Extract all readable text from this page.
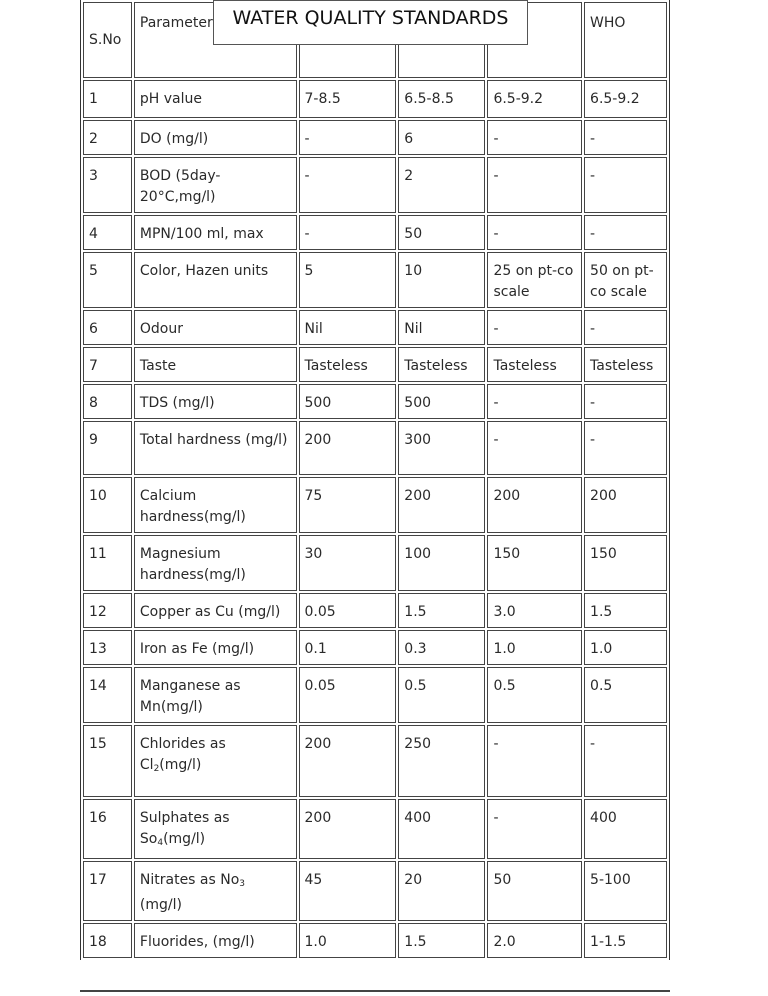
S.No	Parameter				WHO
1	pH value	7-8.5	6.5-8.5	6.5-9.2	6.5-9.2
2	DO (mg/l)	-	6	-	-
3	BOD (5day-20°C,mg/l)	-	2	-	-
4	MPN/100 ml, max	-	50	-	-
5	Color, Hazen units	5	10	25 on pt-co scale	50 on pt-co scale
6	Odour	Nil	Nil	-	-
7	Taste	Tasteless	Tasteless	Tasteless	Tasteless
8	TDS (mg/l)	500	500	-	-
9	Total hardness (mg/l)	200	300	-	-
10	Calcium hardness(mg/l)	75	200	200	200
11	Magnesium hardness(mg/l)	30	100	150	150
12	Copper as Cu (mg/l)	0.05	1.5	3.0	1.5
13	Iron as Fe (mg/l)	0.1	0.3	1.0	1.0
14	Manganese as Mn(mg/l)	0.05	0.5	0.5	0.5
15	Chlorides as $Cl_2(mg/l)$	200	250	-	-
16	Sulphates as $So_4(mg/l)$	200	400	-	400
17	Nitrates as $No_3$ (mg/l)	45	20	50	5-100
18	Fluorides, (mg/l)	1.0	1.5	2.0	1-1.5
WATER QUALITY STANDARDS
